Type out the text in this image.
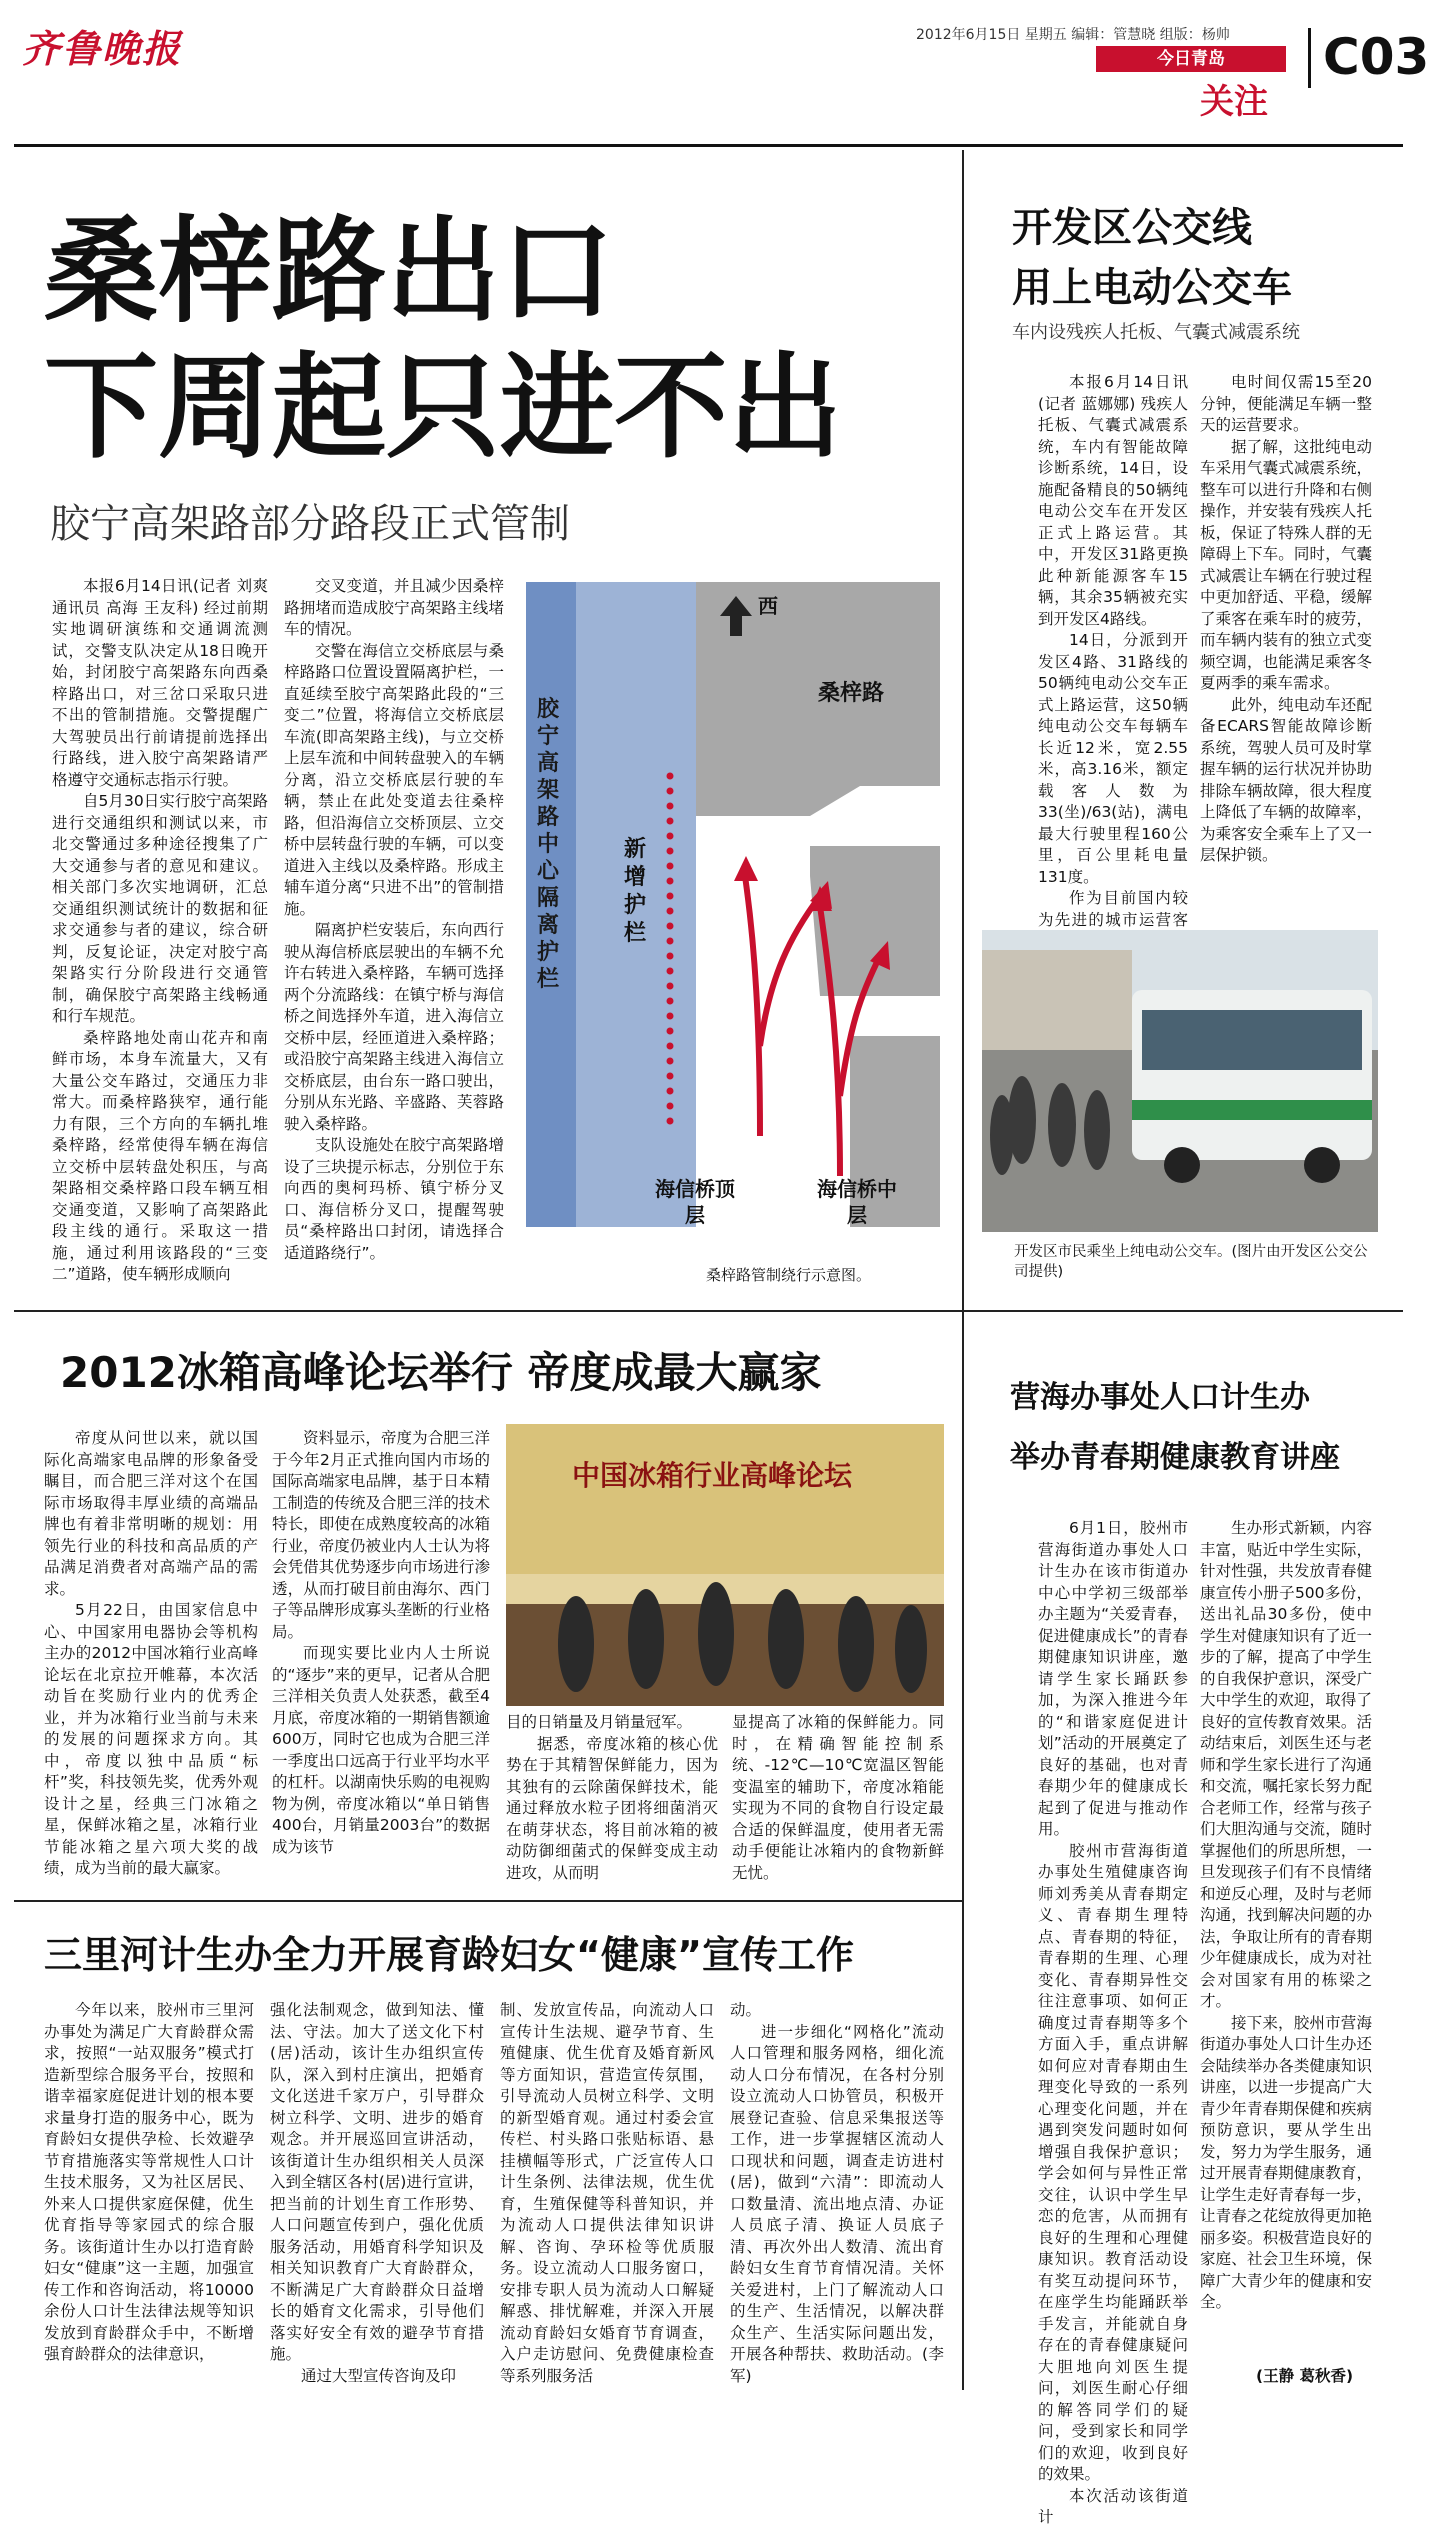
齐鲁晚报	2012年6月15日 星期五 编辑：管慧晓 组版：杨帅
今日青岛
关注
C03
桑梓路出口
下周起只进不出
胶宁高架路部分路段正式管制

本报6月14日讯(记者 刘爽 通讯员 高海 王友科) 经过前期实地调研演练和交通调流测试，交警支队决定从18日晚开始，封闭胶宁高架路东向西桑梓路出口，对三岔口采取只进不出的管制措施。交警提醒广大驾驶员出行前请提前选择出行路线，进入胶宁高架路请严格遵守交通标志指示行驶。

自5月30日实行胶宁高架路进行交通组织和测试以来，市北交警通过多种途径搜集了广大交通参与者的意见和建议。相关部门多次实地调研，汇总交通组织测试统计的数据和征求交通参与者的建议，综合研判，反复论证，决定对胶宁高架路实行分阶段进行交通管制，确保胶宁高架路主线畅通和行车规范。

桑梓路地处南山花卉和南鲜市场，本身车流量大，又有大量公交车路过，交通压力非常大。而桑梓路狭窄，通行能力有限，三个方向的车辆扎堆桑梓路，经常使得车辆在海信立交桥中层转盘处积压，与高架路相交桑梓路口段车辆互相交通变道，又影响了高架路此段主线的通行。采取这一措施，通过利用该路段的“三变二”道路，使车辆形成顺向

交叉变道，并且减少因桑梓路拥堵而造成胶宁高架路主线堵车的情况。

交警在海信立交桥底层与桑梓路路口位置设置隔离护栏，一直延续至胶宁高架路此段的“三变二”位置，将海信立交桥底层车流(即高架路主线)，与立交桥上层车流和中间转盘驶入的车辆分离，沿立交桥底层行驶的车辆，禁止在此处变道去往桑梓路，但沿海信立交桥顶层、立交桥中层转盘行驶的车辆，可以变道进入主线以及桑梓路。形成主辅车道分离“只进不出”的管制措施。

隔离护栏安装后，东向西行驶从海信桥底层驶出的车辆不允许右转进入桑梓路，车辆可选择两个分流路线：在镇宁桥与海信桥之间选择外车道，进入海信立交桥中层，经匝道进入桑梓路；或沿胶宁高架路主线进入海信立交桥底层，由台东一路口驶出，分别从东光路、辛盛路、芙蓉路驶入桑梓路。

支队设施处在胶宁高架路增设了三块提示标志，分别位于东向西的奥柯玛桥、镇宁桥分叉口、海信桥分叉口，提醒驾驶员“桑梓路出口封闭，请选择合适道路绕行”。

胶宁高架路中心隔离护栏
西
桑梓路
新增护栏
海信桥顶层
海信桥中层
桑梓路管制绕行示意图。
开发区公交线
用上电动公交车
车内设残疾人托板、气囊式减震系统

本报6月14日讯(记者 蓝娜娜) 残疾人托板、气囊式减震系统，车内有智能故障诊断系统，14日，设施配备精良的50辆纯电动公交车在开发区正式上路运营。其中，开发区31路更换此种新能源客车15辆，其余35辆被充实到开发区4路线。

14日，分派到开发区4路、31路线的50辆纯电动公交车正式上路运营，这50辆纯电动公交车每辆车长近12米，宽2.55米，高3.16米，额定载客人数为33(坐)/63(站)，满电最大行驶里程160公里，百公里耗电量131度。

作为目前国内较为先进的城市运营客

电时间仅需15至20分钟，便能满足车辆一整天的运营要求。

据了解，这批纯电动车采用气囊式减震系统，整车可以进行升降和右侧操作，并安装有残疾人托板，保证了特殊人群的无障碍上下车。同时，气囊式减震让车辆在行驶过程中更加舒适、平稳，缓解了乘客在乘车时的疲劳，而车辆内装有的独立式变频空调，也能满足乘客冬夏两季的乘车需求。

此外，纯电动车还配备ECARS智能故障诊断系统，驾驶人员可及时掌握车辆的运行状况并协助排除车辆故障，很大程度上降低了车辆的故障率，为乘客安全乘车上了又一层保护锁。

开发区市民乘坐上纯电动公交车。(图片由开发区公交公司提供)
2012冰箱高峰论坛举行 帝度成最大赢家

帝度从问世以来，就以国际化高端家电品牌的形象备受瞩目，而合肥三洋对这个在国际市场取得丰厚业绩的高端品牌也有着非常明晰的规划：用领先行业的科技和高品质的产品满足消费者对高端产品的需求。

5月22日，由国家信息中心、中国家用电器协会等机构主办的2012中国冰箱行业高峰论坛在北京拉开帷幕，本次活动旨在奖励行业内的优秀企业，并为冰箱行业当前与未来的发展的问题探求方向。其中，帝度以独中品质“标杆”奖，科技领先奖，优秀外观设计之星，经典三门冰箱之星，保鲜冰箱之星，冰箱行业节能冰箱之星六项大奖的战绩，成为当前的最大赢家。

资料显示，帝度为合肥三洋于今年2月正式推向国内市场的国际高端家电品牌，基于日本精工制造的传统及合肥三洋的技术特长，即使在成熟度较高的冰箱行业，帝度仍被业内人士认为将会凭借其优势逐步向市场进行渗透，从而打破目前由海尔、西门子等品牌形成寡头垄断的行业格局。

而现实要比业内人士所说的“逐步”来的更早，记者从合肥三洋相关负责人处获悉，截至4月底，帝度冰箱的一期销售额逾600万，同时它也成为合肥三洋一季度出口远高于行业平均水平的杠杆。以湖南快乐购的电视购物为例，帝度冰箱以“单日销售400台，月销量2003台”的数据成为该节

中国冰箱行业高峰论坛

目的日销量及月销量冠军。

据悉，帝度冰箱的核心优势在于其精智保鲜能力，因为其独有的云除菌保鲜技术，能通过释放水粒子团将细菌消灭在萌芽状态，将目前冰箱的被动防御细菌式的保鲜变成主动进攻，从而明

显提高了冰箱的保鲜能力。同时，在精确智能控制系统、-12℃—10℃宽温区智能变温室的辅助下，帝度冰箱能实现为不同的食物自行设定最合适的保鲜温度，使用者无需动手便能让冰箱内的食物新鲜无忧。

营海办事处人口计生办
举办青春期健康教育讲座

6月1日，胶州市营海街道办事处人口计生办在该市街道办中心中学初三级部举办主题为“关爱青春，促进健康成长”的青春期健康知识讲座，邀请学生家长踊跃参加，为深入推进今年的“和谐家庭促进计划”活动的开展奠定了良好的基础，也对青春期少年的健康成长起到了促进与推动作用。

胶州市营海街道办事处生殖健康咨询师刘秀美从青春期定义、青春期生理特点、青春期的特征，青春期的生理、心理变化、青春期异性交往注意事项、如何正确度过青春期等多个方面入手，重点讲解如何应对青春期由生理变化导致的一系列心理变化问题，并在遇到突发问题时如何增强自我保护意识；学会如何与异性正常交往，认识中学生早恋的危害，从而拥有良好的生理和心理健康知识。教育活动设有奖互动提问环节，在座学生均能踊跃举手发言，并能就自身存在的青春健康疑问大胆地向刘医生提问，刘医生耐心仔细的解答同学们的疑问，受到家长和同学们的欢迎，收到良好的效果。

本次活动该街道计

生办形式新颖，内容丰富，贴近中学生实际，针对性强，共发放青春健康宣传小册子500多份，送出礼品30多份，使中学生对健康知识有了近一步的了解，提高了中学生的自我保护意识，深受广大中学生的欢迎，取得了良好的宣传教育效果。活动结束后，刘医生还与老师和学生家长进行了沟通和交流，嘱托家长努力配合老师工作，经常与孩子们大胆沟通与交流，随时掌握他们的所思所想，一旦发现孩子们有不良情绪和逆反心理，及时与老师沟通，找到解决问题的办法，争取让所有的青春期少年健康成长，成为对社会对国家有用的栋梁之才。

接下来，胶州市营海街道办事处人口计生办还会陆续举办各类健康知识讲座，以进一步提高广大青少年青春期保健和疾病预防意识，要从学生出发，努力为学生服务，通过开展青春期健康教育，让学生走好青春每一步，让青春之花绽放得更加艳丽多姿。积极营造良好的家庭、社会卫生环境，保障广大青少年的健康和安全。

(王静 葛秋香)
三里河计生办全力开展育龄妇女“健康”宣传工作

今年以来，胶州市三里河办事处为满足广大育龄群众需求，按照“一站双服务”模式打造新型综合服务平台，按照和谐幸福家庭促进计划的根本要求量身打造的服务中心，既为育龄妇女提供孕检、长效避孕节育措施落实等常规性人口计生技术服务，又为社区居民、外来人口提供家庭保健，优生优育指导等家园式的综合服务。该街道计生办以打造育龄妇女“健康”这一主题，加强宣传工作和咨询活动，将10000余份人口计生法律法规等知识发放到育龄群众手中，不断增强育龄群众的法律意识，

强化法制观念，做到知法、懂法、守法。加大了送文化下村(居)活动，该计生办组织宣传队，深入到村庄演出，把婚育文化送进千家万户，引导群众树立科学、文明、进步的婚育观念。并开展巡回宣讲活动，该街道计生办组织相关人员深入到全辖区各村(居)进行宣讲，把当前的计划生育工作形势、人口问题宣传到户，强化优质服务活动，用婚育科学知识及相关知识教育广大育龄群众，不断满足广大育龄群众日益增长的婚育文化需求，引导他们落实好安全有效的避孕节育措施。

通过大型宣传咨询及印

制、发放宣传品，向流动人口宣传计生法规、避孕节育、生殖健康、优生优育及婚育新风等方面知识，营造宣传氛围，引导流动人员树立科学、文明的新型婚育观。通过村委会宣传栏、村头路口张贴标语、悬挂横幅等形式，广泛宣传人口计生条例、法律法规，优生优育，生殖保健等科普知识，并为流动人口提供法律知识讲解、咨询、孕环检等优质服务。设立流动人口服务窗口，安排专职人员为流动人口解疑解惑、排忧解难，并深入开展流动育龄妇女婚育节育调查，入户走访慰问、免费健康检查等系列服务活

动。

进一步细化“网格化”流动人口管理和服务网格，细化流动人口分布情况，在各村分别设立流动人口协管员，积极开展登记查验、信息采集报送等工作，进一步掌握辖区流动人口现状和问题，调查走访进村(居)，做到“六清”：即流动人口数量清、流出地点清、办证人员底子清、换证人员底子清、再次外出人数清、流出育龄妇女生育节育情况清。关怀关爱进村，上门了解流动人口的生产、生活情况，以解决群众生产、生活实际问题出发，开展各种帮扶、救助活动。(李军)
